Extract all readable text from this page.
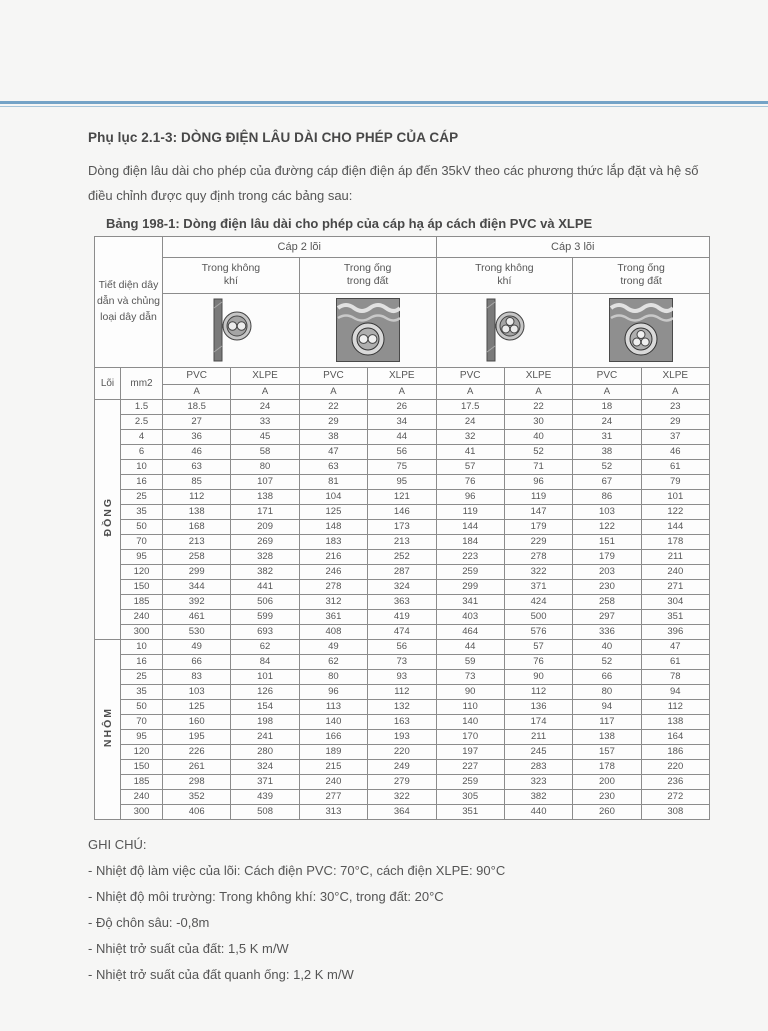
Phụ lục 2.1-3: DÒNG ĐIỆN LÂU DÀI CHO PHÉP CỦA CÁP
Dòng điện lâu dài cho phép của đường cáp điện điện áp đến 35kV theo các phương thức lắp đặt và hệ số điều chỉnh được quy định trong các bảng sau:
Bảng 198-1: Dòng điện lâu dài cho phép của cáp hạ áp cách điện PVC và XLPE
Tiết diện dây dẫn và chủng loại dây dẫn		Cáp 2 lõi				Cáp 3 lõi			
		Trong không khí		Trong ống trong đất		Trong không khí		Trong ống trong đất	

Lõi	mm2	PVC	XLPE	PVC	XLPE	PVC	XLPE	PVC	XLPE
		A	A	A	A	A	A	A	A
ĐỒNG	1.5	18.5	24	22	26	17.5	22	18	23
	2.5	27	33	29	34	24	30	24	29
	4	36	45	38	44	32	40	31	37
	6	46	58	47	56	41	52	38	46
	10	63	80	63	75	57	71	52	61
	16	85	107	81	95	76	96	67	79
	25	112	138	104	121	96	119	86	101
	35	138	171	125	146	119	147	103	122
	50	168	209	148	173	144	179	122	144
	70	213	269	183	213	184	229	151	178
	95	258	328	216	252	223	278	179	211
	120	299	382	246	287	259	322	203	240
	150	344	441	278	324	299	371	230	271
	185	392	506	312	363	341	424	258	304
	240	461	599	361	419	403	500	297	351
	300	530	693	408	474	464	576	336	396
NHÔM	10	49	62	49	56	44	57	40	47
	16	66	84	62	73	59	76	52	61
	25	83	101	80	93	73	90	66	78
	35	103	126	96	112	90	112	80	94
	50	125	154	113	132	110	136	94	112
	70	160	198	140	163	140	174	117	138
	95	195	241	166	193	170	211	138	164
	120	226	280	189	220	197	245	157	186
	150	261	324	215	249	227	283	178	220
	185	298	371	240	279	259	323	200	236
	240	352	439	277	322	305	382	230	272
	300	406	508	313	364	351	440	260	308
GHI CHÚ:
- Nhiệt độ làm việc của lõi: Cách điện PVC: 70°C, cách điện XLPE: 90°C
- Nhiệt độ môi trường: Trong không khí: 30°C, trong đất: 20°C
- Độ chôn sâu: -0,8m
- Nhiệt trở suất của đất: 1,5 K m/W
- Nhiệt trở suất của đất quanh ống: 1,2 K m/W
